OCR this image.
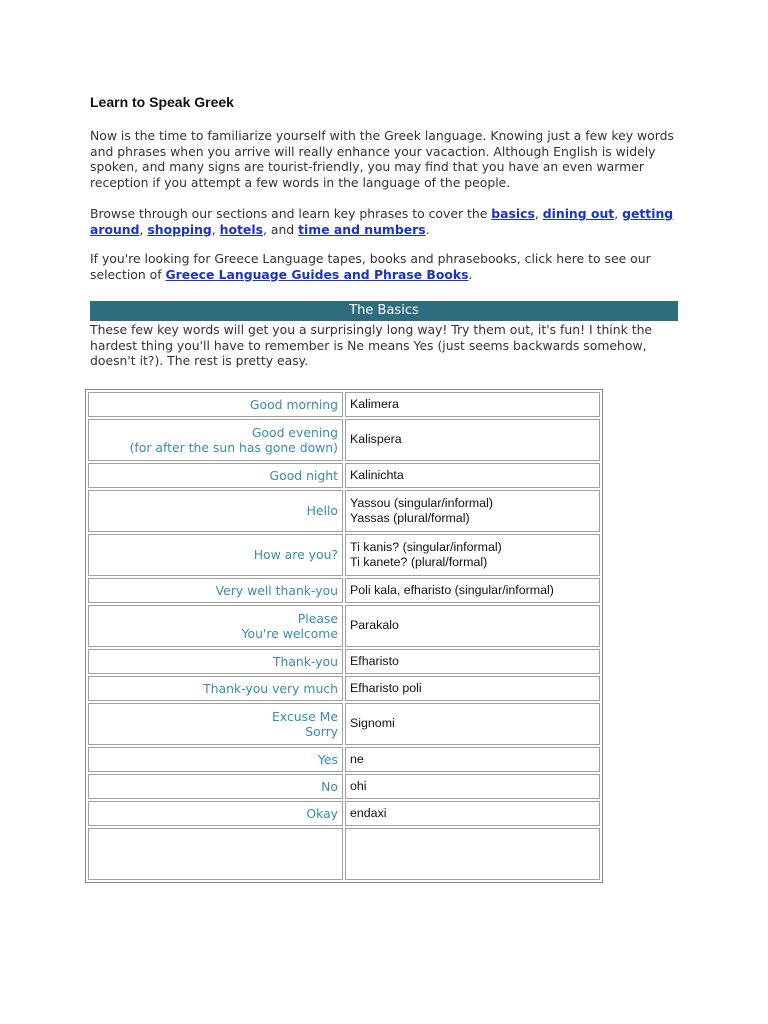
Learn to Speak Greek

Now is the time to familiarize yourself with the Greek language. Knowing just a few key words and phrases when you arrive will really enhance your vacaction. Although English is widely spoken, and many signs are tourist-friendly, you may find that you have an even warmer reception if you attempt a few words in the language of the people.

Browse through our sections and learn key phrases to cover the basics, dining out, getting around, shopping, hotels, and time and numbers.

If you're looking for Greece Language tapes, books and phrasebooks, click here to see our selection of Greece Language Guides and Phrase Books.

The Basics

These few key words will get you a surprisingly long way! Try them out, it's fun! I think the hardest thing you'll have to remember is Ne means Yes (just seems backwards somehow, doesn't it?). The rest is pretty easy.

Good morning	Kalimera

Good evening
(for after the sun has gone down)	Kalispera

Good night	Kalinichta

Hello	Yassou (singular/informal)
Yassas (plural/formal)

How are you?	Ti kanis? (singular/informal)
Ti kanete? (plural/formal)

Very well thank-you	Poli kala, efharisto (singular/informal)

Please
You're welcome	Parakalo

Thank-you	Efharisto

Thank-you very much	Efharisto poli

Excuse Me
Sorry	Signomi

Yes	ne

No	ohi

Okay	endaxi
